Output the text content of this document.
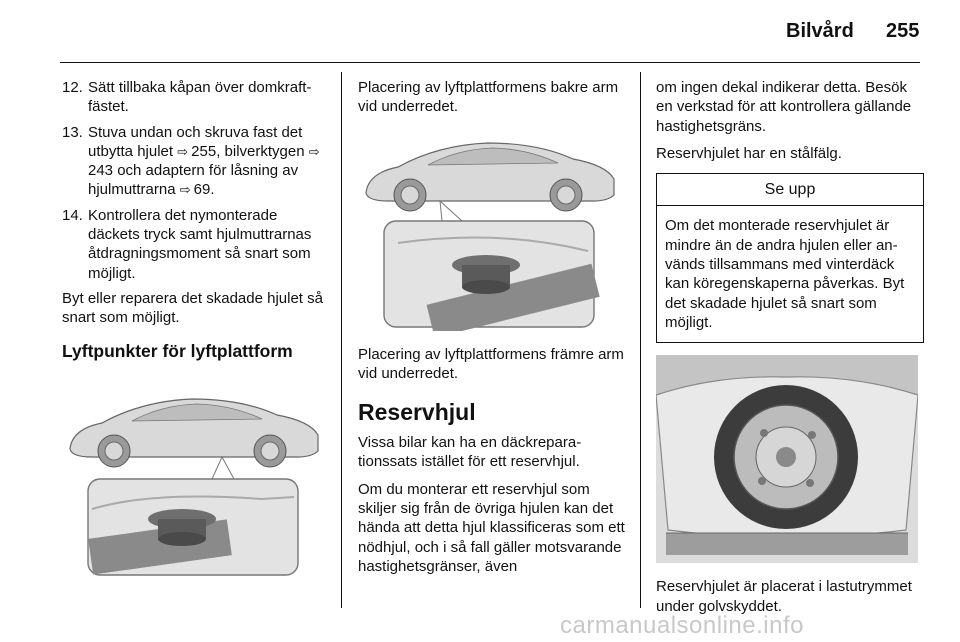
Bilvård 255
12. Sätt tillbaka kåpan över domkraftfästet.
13. Stuva undan och skruva fast det utbytta hjulet ⇨  255, bilverktygen ⇨ 243 och adaptern för låsning av hjulmuttrarna ⇨  69.
14. Kontrollera det nymonterade däckets tryck samt hjulmuttrarnas åtdragningsmoment så snart som möjligt.

Byt eller reparera det skadade hjulet så snart som möjligt.

Lyftpunkter för lyftplattform

Placering av lyftplattformens bakre arm vid underredet.

Placering av lyftplattformens främre arm vid underredet.

Reservhjul

Vissa bilar kan ha en däckreparationssats istället för ett reservhjul.

Om du monterar ett reservhjul som skiljer sig från de övriga hjulen kan det hända att detta hjul klassificeras som ett nödhjul, och i så fall gäller motsvarande hastighetsgränser, även

om ingen dekal indikerar detta. Besök en verkstad för att kontrollera gällande hastighetsgräns.

Reservhjulet har en stålfälg.

Se upp
Om det monterade reservhjulet är mindre än de andra hjulen eller används tillsammans med vinterdäck kan köregenskaperna påverkas. Byt det skadade hjulet så snart som möjligt.

Reservhjulet är placerat i lastutrymmet under golvskyddet.

carmanualsonline.info
